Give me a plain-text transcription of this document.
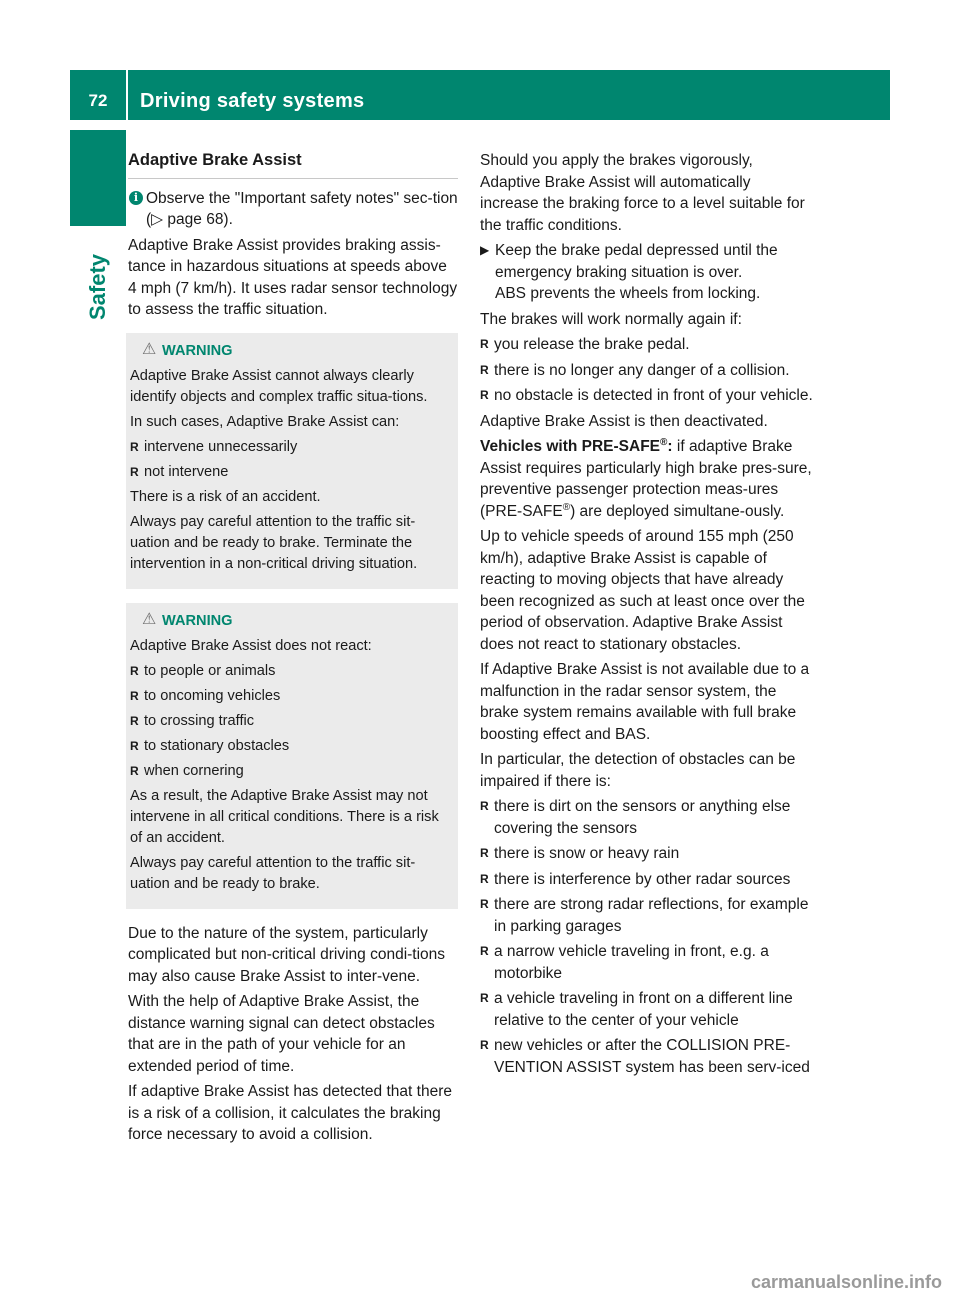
72	Driving safety systems
Safety
Adaptive Brake Assist
i Observe the "Important safety notes" sec-tion (▷ page 68).

Adaptive Brake Assist provides braking assis-tance in hazardous situations at speeds above 4 mph (7 km/h). It uses radar sensor technology to assess the traffic situation.

⚠ WARNING

Adaptive Brake Assist cannot always clearly identify objects and complex traffic situa-tions.

In such cases, Adaptive Brake Assist can:

R intervene unnecessarily
R not intervene

There is a risk of an accident.

Always pay careful attention to the traffic sit-uation and be ready to brake. Terminate the intervention in a non-critical driving situation.

⚠ WARNING

Adaptive Brake Assist does not react:

R to people or animals
R to oncoming vehicles
R to crossing traffic
R to stationary obstacles
R when cornering

As a result, the Adaptive Brake Assist may not intervene in all critical conditions. There is a risk of an accident.

Always pay careful attention to the traffic sit-uation and be ready to brake.

Due to the nature of the system, particularly complicated but non-critical driving condi-tions may also cause Brake Assist to inter-vene.

With the help of Adaptive Brake Assist, the distance warning signal can detect obstacles that are in the path of your vehicle for an extended period of time.

If adaptive Brake Assist has detected that there is a risk of a collision, it calculates the braking force necessary to avoid a collision.

Should you apply the brakes vigorously, Adaptive Brake Assist will automatically increase the braking force to a level suitable for the traffic conditions.

▶ Keep the brake pedal depressed until the emergency braking situation is over.
ABS prevents the wheels from locking.

The brakes will work normally again if:

R you release the brake pedal.
R there is no longer any danger of a collision.
R no obstacle is detected in front of your vehicle.

Adaptive Brake Assist is then deactivated.

Vehicles with PRE-SAFE®: if adaptive Brake Assist requires particularly high brake pres-sure, preventive passenger protection meas-ures (PRE-SAFE®) are deployed simultane-ously.

Up to vehicle speeds of around 155 mph (250 km/h), adaptive Brake Assist is capable of reacting to moving objects that have already been recognized as such at least once over the period of observation. Adaptive Brake Assist does not react to stationary obstacles.

If Adaptive Brake Assist is not available due to a malfunction in the radar sensor system, the brake system remains available with full brake boosting effect and BAS.

In particular, the detection of obstacles can be impaired if there is:

R there is dirt on the sensors or anything else covering the sensors
R there is snow or heavy rain
R there is interference by other radar sources
R there are strong radar reflections, for example in parking garages
R a narrow vehicle traveling in front, e.g. a motorbike
R a vehicle traveling in front on a different line relative to the center of your vehicle
R new vehicles or after the COLLISION PRE-VENTION ASSIST system has been serv-iced
carmanualsonline.info
